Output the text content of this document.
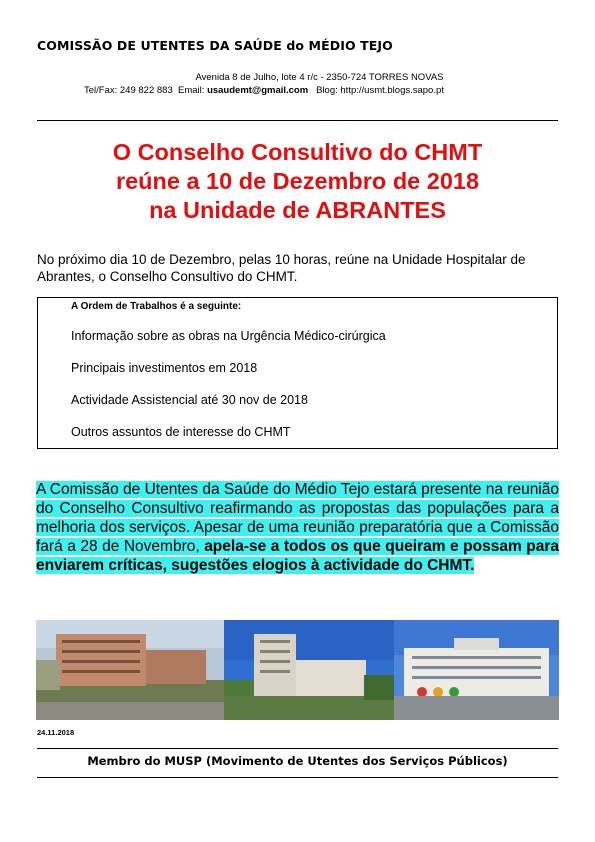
COMISSÃO DE UTENTES DA SAÚDE do MÉDIO TEJO
Avenida 8 de Julho, lote 4 r/c - 2350-724 TORRES NOVAS
Tel/Fax: 249 822 883 Email: usaudemt@gmail.com Blog: http://usmt.blogs.sapo.pt
O Conselho Consultivo do CHMT
reúne a 10 de Dezembro de 2018
na Unidade de ABRANTES
No próximo dia 10 de Dezembro, pelas 10 horas, reúne na Unidade Hospitalar de Abrantes, o Conselho Consultivo do CHMT.
A Ordem de Trabalhos é a seguinte:
Informação sobre as obras na Urgência Médico-cirúrgica
Principais investimentos em 2018
Actividade Assistencial até 30 nov de 2018
Outros assuntos de interesse do CHMT
A Comissão de Utentes da Saúde do Médio Tejo estará presente na reunião do Conselho Consultivo reafirmando as propostas das populações para a melhoria dos serviços. Apesar de uma reunião preparatória que a Comissão fará a 28 de Novembro, apela-se a todos os que queiram e possam para enviarem críticas, sugestões elogios à actividade do CHMT.
24.11.2018
Membro do MUSP (Movimento de Utentes dos Serviços Públicos)
